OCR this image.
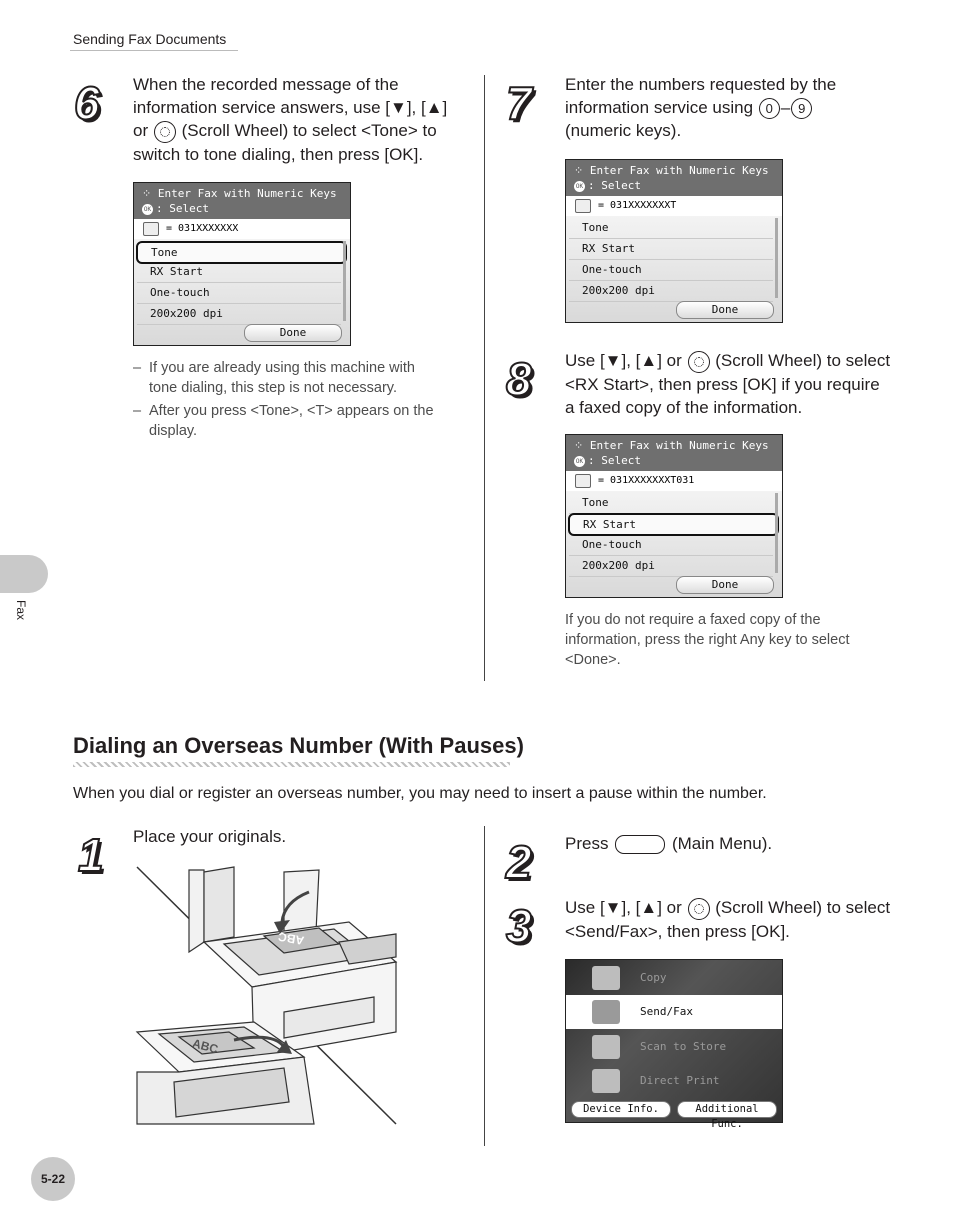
Sending Fax Documents
Fax
6 When the recorded message of the
information service answers, use [▼], [▲]
or (Scroll Wheel) to select <Tone> to
switch to tone dialing, then press [OK].
⁘ Enter Fax with Numeric Keys
OK : Select
= 031XXXXXXX
Tone
RX Start
One-touch
200x200 dpi
Done
– If you are already using this machine with
tone dialing, this step is not necessary.
– After you press <Tone>, <T> appears on the
display.
7 Enter the numbers requested by the
information service using 0 – 9
(numeric keys).
⁘ Enter Fax with Numeric Keys
OK : Select
= 031XXXXXXXT
Tone
RX Start
One-touch
200x200 dpi
Done
8 Use [▼], [▲] or (Scroll Wheel) to select
<RX Start>, then press [OK] if you require
a faxed copy of the information.
⁘ Enter Fax with Numeric Keys
OK : Select
= 031XXXXXXXT031
Tone
RX Start
One-touch
200x200 dpi
Done
If you do not require a faxed copy of the
information, press the right Any key to select
<Done>.
Dialing an Overseas Number (With Pauses)
When you dial or register an overseas number, you may need to insert a pause within the number.
1 Place your originals.
ABC
ABC
2 Press	(Main Menu).
3 Use [▼], [▲] or (Scroll Wheel) to select
<Send/Fax>, then press [OK].
Copy
Send/Fax
Scan to Store
Direct Print
Device Info.	Additional Func.
5-22
